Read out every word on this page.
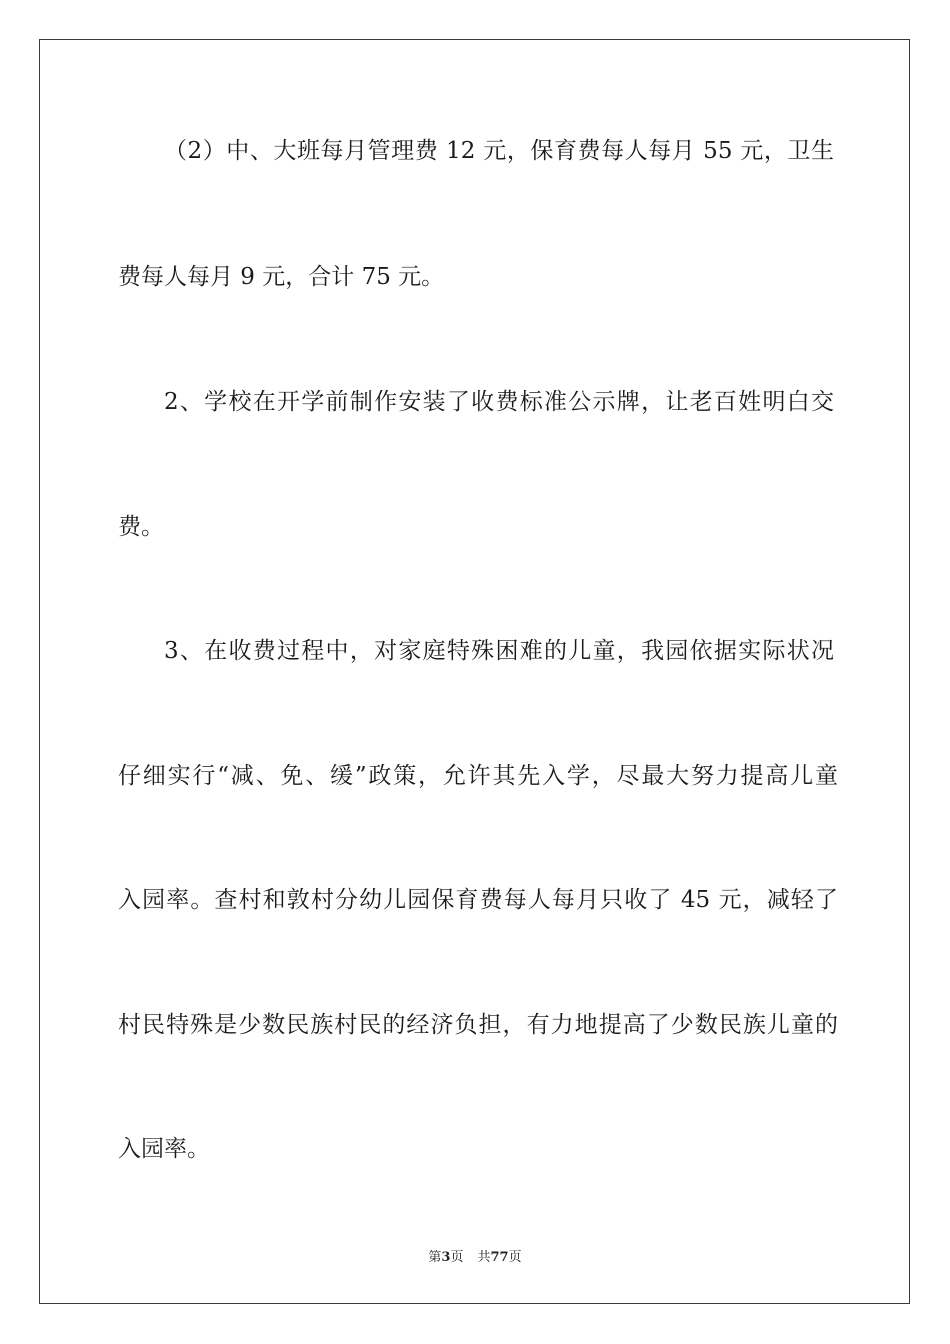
（2）中、大班每月管理费 12 元，保育费每人每月 55 元，卫生
费每人每月 9 元，合计 75 元。
2、学校在开学前制作安装了收费标准公示牌，让老百姓明白交
费。
3、在收费过程中，对家庭特殊困难的儿童，我园依据实际状况
仔细实行“减、免、缓”政策，允许其先入学，尽最大努力提高儿童
入园率。查村和敦村分幼儿园保育费每人每月只收了 45 元，减轻了
村民特殊是少数民族村民的经济负担，有力地提高了少数民族儿童的
入园率。
第3页 共77页
